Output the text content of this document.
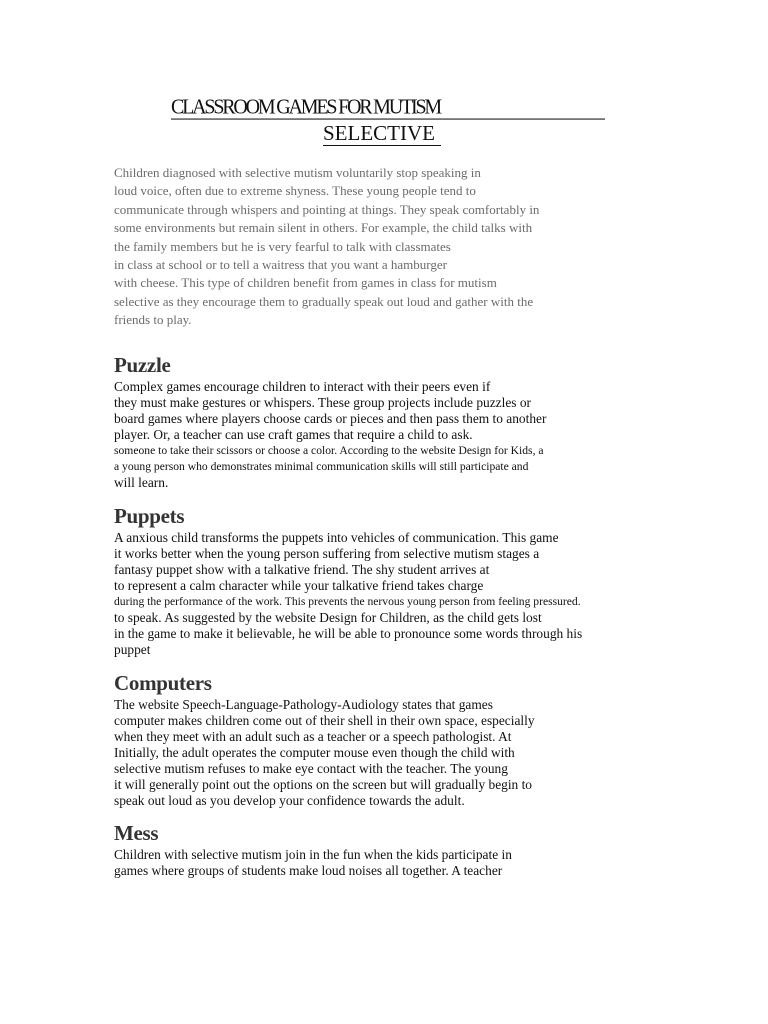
CLASSROOM GAMES FOR MUTISM
SELECTIVE
Children diagnosed with selective mutism voluntarily stop speaking in
loud voice, often due to extreme shyness. These young people tend to
communicate through whispers and pointing at things. They speak comfortably in
some environments but remain silent in others. For example, the child talks with
the family members but he is very fearful to talk with classmates
in class at school or to tell a waitress that you want a hamburger
with cheese. This type of children benefit from games in class for mutism
selective as they encourage them to gradually speak out loud and gather with the
friends to play.
Puzzle
Complex games encourage children to interact with their peers even if
they must make gestures or whispers. These group projects include puzzles or
board games where players choose cards or pieces and then pass them to another
player. Or, a teacher can use craft games that require a child to ask.
someone to take their scissors or choose a color. According to the website Design for Kids, a
a young person who demonstrates minimal communication skills will still participate and
will learn.
Puppets
A anxious child transforms the puppets into vehicles of communication. This game
it works better when the young person suffering from selective mutism stages a
fantasy puppet show with a talkative friend. The shy student arrives at
to represent a calm character while your talkative friend takes charge
during the performance of the work. This prevents the nervous young person from feeling pressured.
to speak. As suggested by the website Design for Children, as the child gets lost
in the game to make it believable, he will be able to pronounce some words through his
puppet
Computers
The website Speech-Language-Pathology-Audiology states that games
computer makes children come out of their shell in their own space, especially
when they meet with an adult such as a teacher or a speech pathologist. At
Initially, the adult operates the computer mouse even though the child with
selective mutism refuses to make eye contact with the teacher. The young
it will generally point out the options on the screen but will gradually begin to
speak out loud as you develop your confidence towards the adult.
Mess
Children with selective mutism join in the fun when the kids participate in
games where groups of students make loud noises all together. A teacher
